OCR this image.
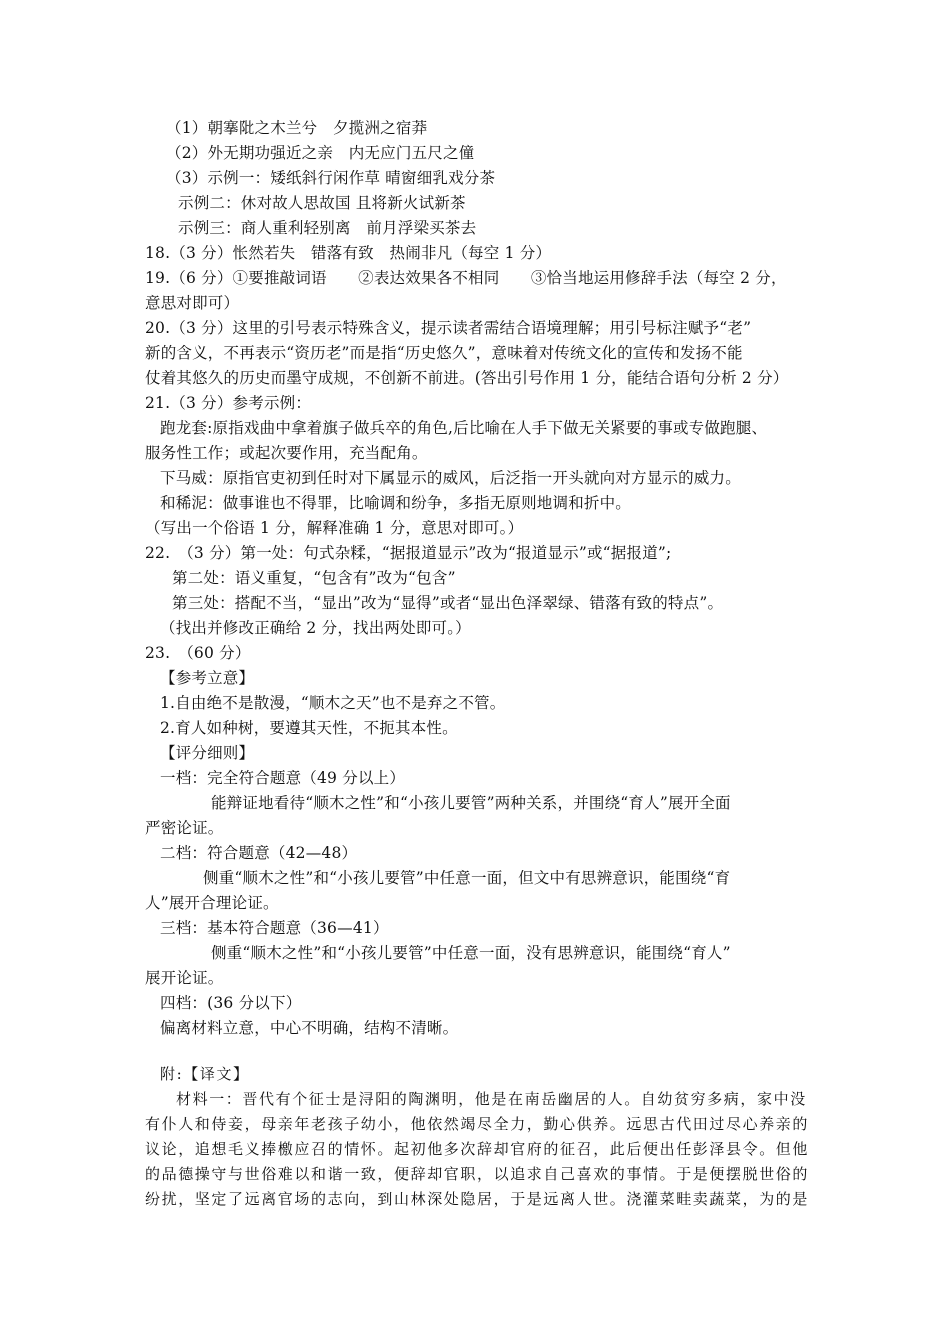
（1）朝搴阰之木兰兮　夕揽洲之宿莽
（2）外无期功强近之亲　内无应门五尺之僮
（3）示例一：矮纸斜行闲作草 晴窗细乳戏分茶
示例二：休对故人思故国 且将新火试新茶
示例三：商人重利轻别离　前月浮梁买茶去
18.（3 分）怅然若失　错落有致　热闹非凡（每空 1 分）
19.（6 分）①要推敲词语　　②表达效果各不相同　　③恰当地运用修辞手法（每空 2 分，
意思对即可）
20.（3 分）这里的引号表示特殊含义，提示读者需结合语境理解；用引号标注赋予“老”
新的含义，不再表示“资历老”而是指“历史悠久”，意味着对传统文化的宣传和发扬不能
仗着其悠久的历史而墨守成规，不创新不前进。(答出引号作用 1 分，能结合语句分析 2 分）
21.（3 分）参考示例：
跑龙套:原指戏曲中拿着旗子做兵卒的角色,后比喻在人手下做无关紧要的事或专做跑腿、
服务性工作；或起次要作用，充当配角。
下马威：原指官吏初到任时对下属显示的威风，后泛指一开头就向对方显示的威力。
和稀泥：做事谁也不得罪，比喻调和纷争，多指无原则地调和折中。
（写出一个俗语 1 分，解释准确 1 分，意思对即可。）
22.　（3 分）第一处：句式杂糅，“据报道显示”改为“报道显示”或“据报道”;
第二处：语义重复，“包含有”改为“包含”
第三处：搭配不当，“显出”改为“显得”或者“显出色泽翠绿、错落有致的特点”。
（找出并修改正确给 2 分，找出两处即可。）
23.　（60 分）
【参考立意】
1.自由绝不是散漫，“顺木之天”也不是弃之不管。
2.育人如种树，要遵其天性，不扼其本性。
【评分细则】
一档：完全符合题意（49 分以上）
能辩证地看待“顺木之性”和“小孩儿要管”两种关系，并围绕“育人”展开全面
严密论证。
二档：符合题意（42—48）
侧重“顺木之性”和“小孩儿要管”中任意一面，但文中有思辨意识，能围绕“育
人”展开合理论证。
三档：基本符合题意（36—41）
侧重“顺木之性”和“小孩儿要管”中任意一面，没有思辨意识，能围绕“育人”
展开论证。
四档：(36 分以下）
偏离材料立意，中心不明确，结构不清晰。
附:【译文】
材料一：晋代有个征士是浔阳的陶渊明，他是在南岳幽居的人。自幼贫穷多病，家中没
有仆人和侍妾，母亲年老孩子幼小，他依然竭尽全力，勤心供养。远思古代田过尽心养亲的
议论，追想毛义捧檄应召的情怀。起初他多次辞却官府的征召，此后便出任彭泽县令。但他
的品德操守与世俗难以和谐一致，便辞却官职，以追求自己喜欢的事情。于是便摆脱世俗的
纷扰，坚定了远离官场的志向，到山林深处隐居，于是远离人世。浇灌菜畦卖蔬菜，为的是
